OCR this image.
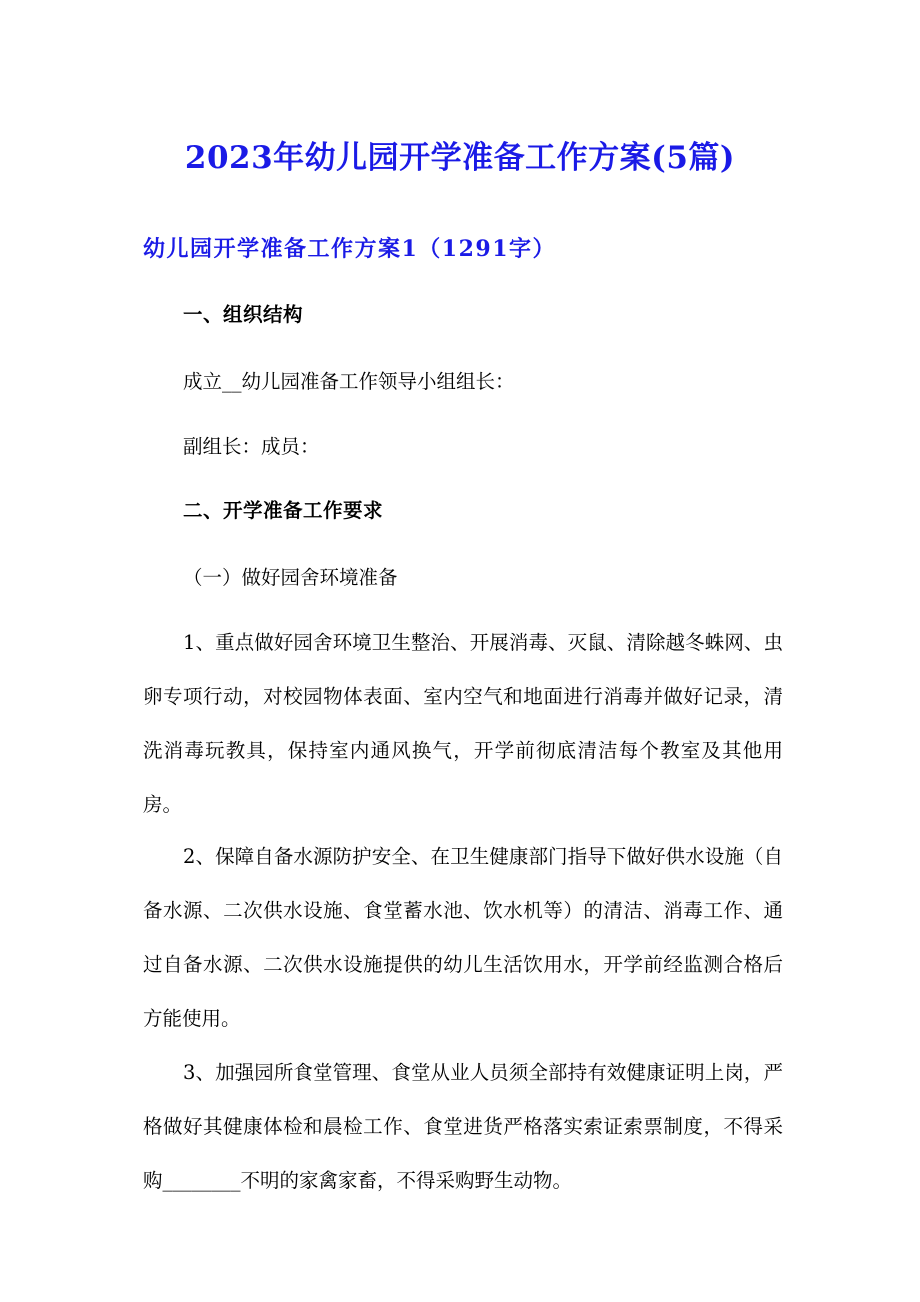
2023年幼儿园开学准备工作方案(5篇)
幼儿园开学准备工作方案1（1291字）
一、组织结构

成立__幼儿园准备工作领导小组组长：

副组长：成员：

二、开学准备工作要求

（一）做好园舍环境准备

1、重点做好园舍环境卫生整治、开展消毒、灭鼠、清除越冬蛛网、虫卵专项行动，对校园物体表面、室内空气和地面进行消毒并做好记录，清洗消毒玩教具，保持室内通风换气，开学前彻底清洁每个教室及其他用房。

2、保障自备水源防护安全、在卫生健康部门指导下做好供水设施（自备水源、二次供水设施、食堂蓄水池、饮水机等）的清洁、消毒工作、通过自备水源、二次供水设施提供的幼儿生活饮用水，开学前经监测合格后方能使用。

3、加强园所食堂管理、食堂从业人员须全部持有效健康证明上岗，严格做好其健康体检和晨检工作、食堂进货严格落实索证索票制度，不得采购________不明的家禽家畜，不得采购野生动物。
